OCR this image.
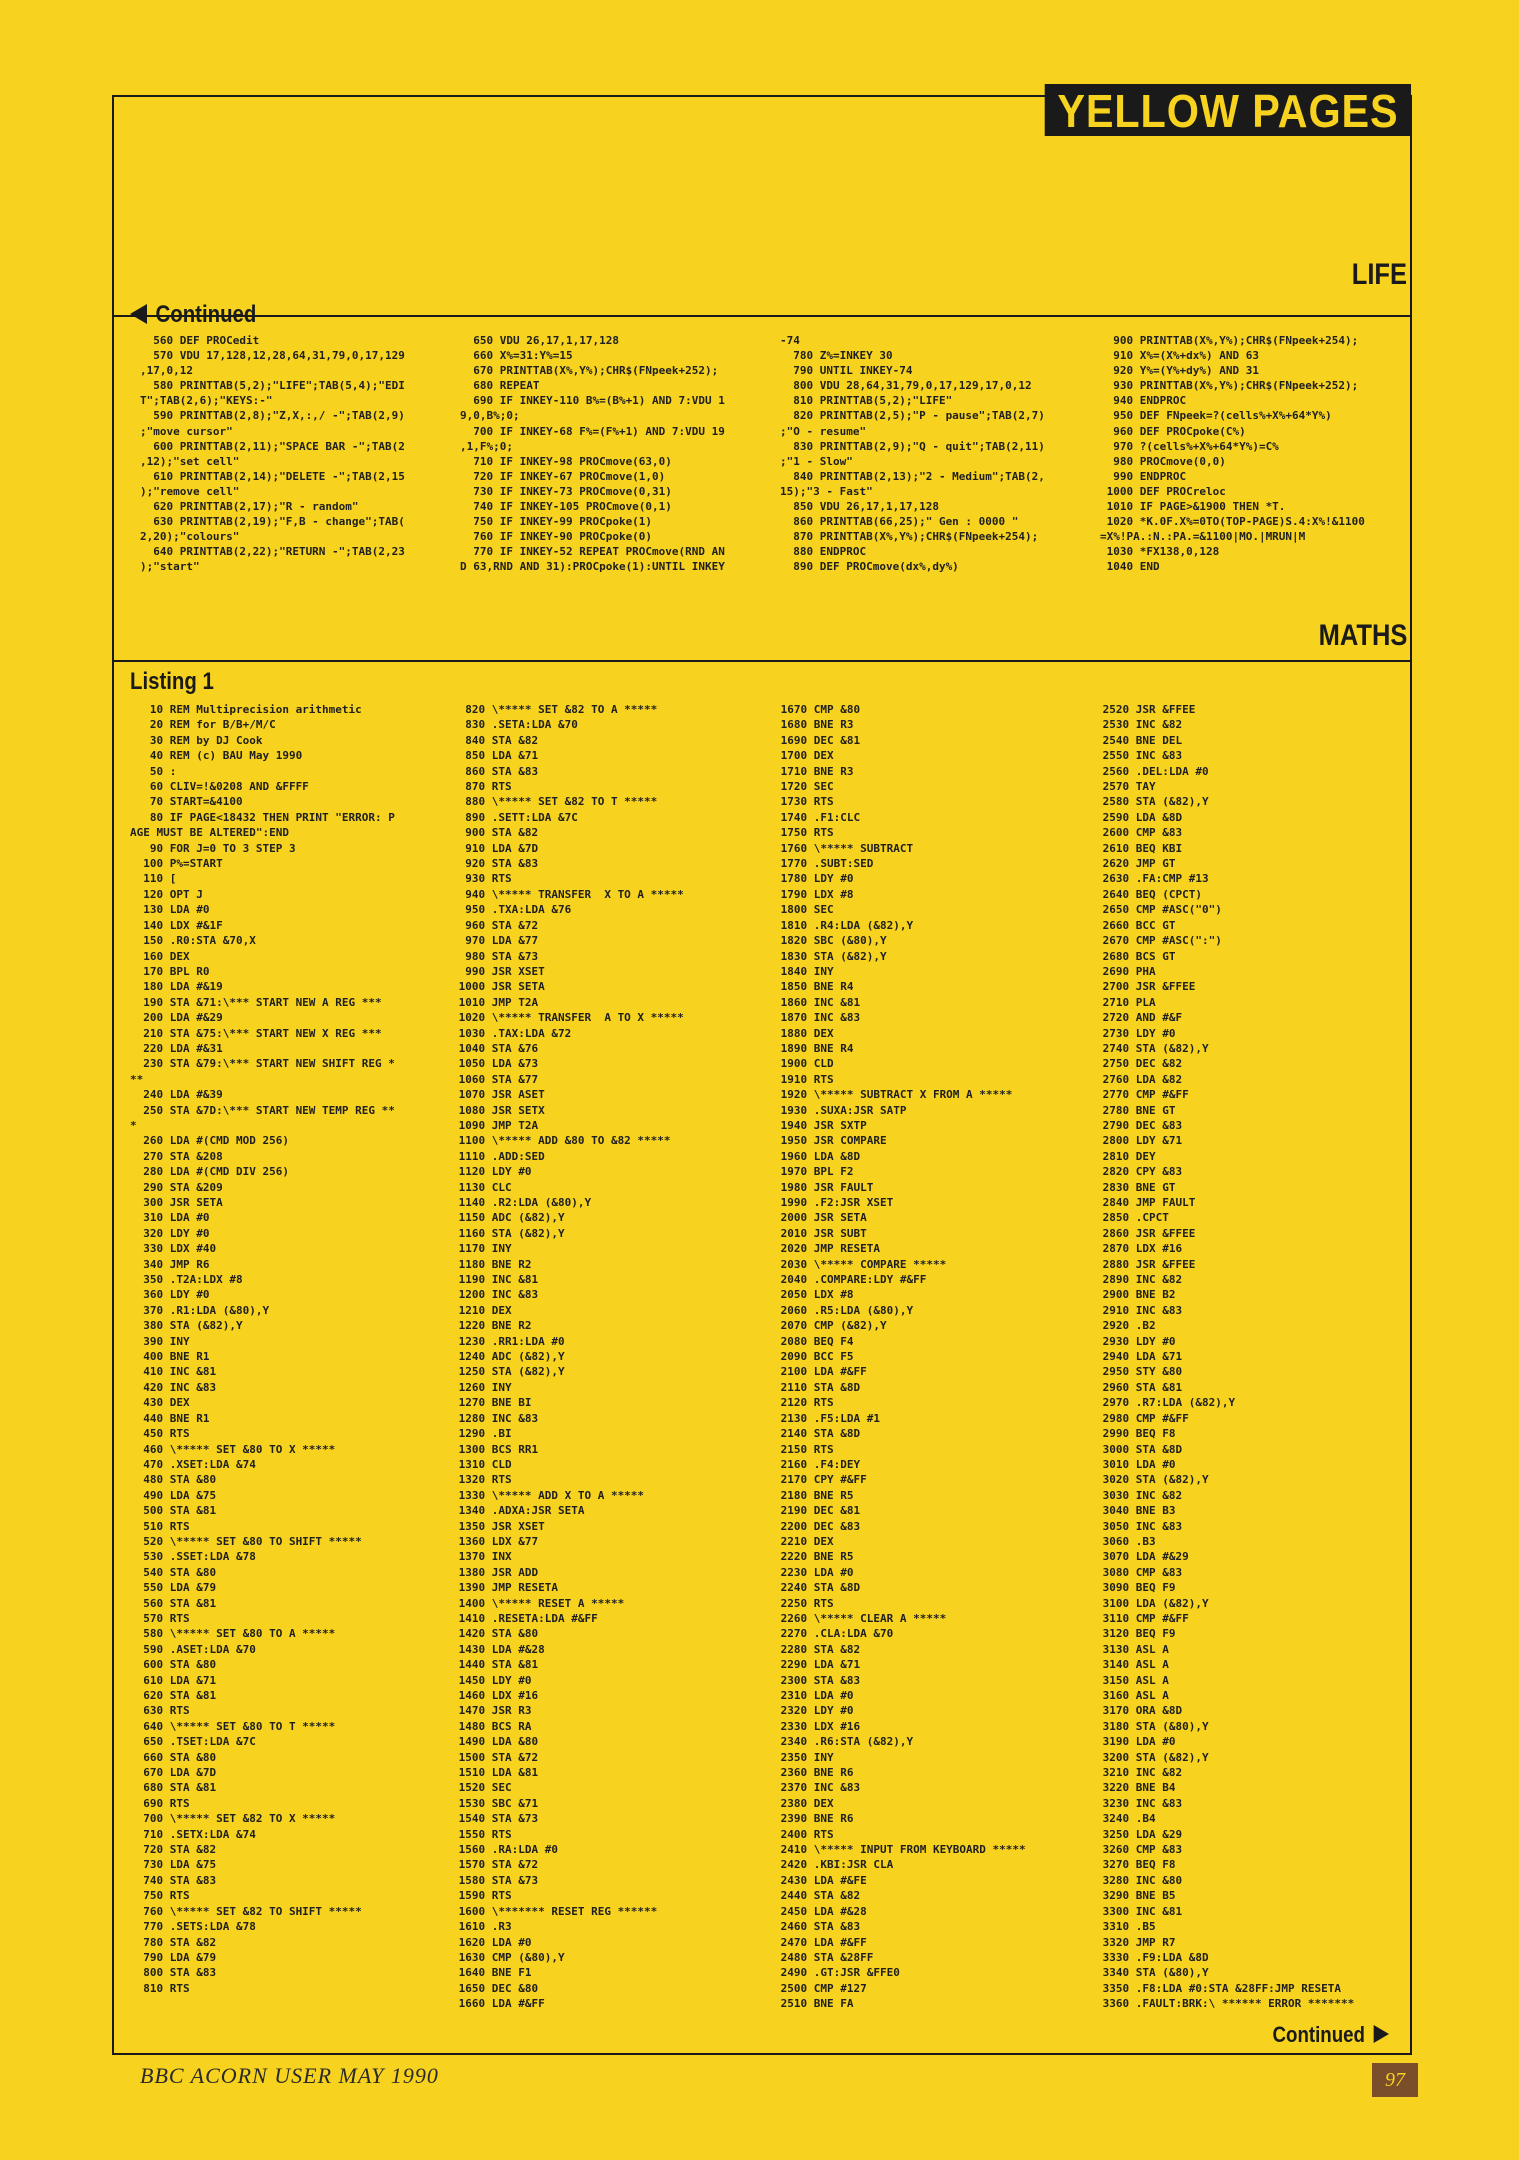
YELLOW PAGES
LIFE
MATHS
Continued
560 DEF PROCedit
570 VDU 17,128,12,28,64,31,79,0,17,129
,17,0,12
580 PRINTTAB(5,2);"LIFE";TAB(5,4);"EDI
T";TAB(2,6);"KEYS:-"
590 PRINTTAB(2,8);"Z,X,:,/ -";TAB(2,9)
;"move cursor"
600 PRINTTAB(2,11);"SPACE BAR -";TAB(2
,12);"set cell"
610 PRINTTAB(2,14);"DELETE -";TAB(2,15
);"remove cell"
620 PRINTTAB(2,17);"R - random"
630 PRINTTAB(2,19);"F,B - change";TAB(
2,20);"colours"
640 PRINTTAB(2,22);"RETURN -";TAB(2,23
);"start"
650 VDU 26,17,1,17,128
660 X%=31:Y%=15
670 PRINTTAB(X%,Y%);CHR$(FNpeek+252);
680 REPEAT
690 IF INKEY-110 B%=(B%+1) AND 7:VDU 1
9,0,B%;0;
700 IF INKEY-68 F%=(F%+1) AND 7:VDU 19
,1,F%;0;
710 IF INKEY-98 PROCmove(63,0)
720 IF INKEY-67 PROCmove(1,0)
730 IF INKEY-73 PROCmove(0,31)
740 IF INKEY-105 PROCmove(0,1)
750 IF INKEY-99 PROCpoke(1)
760 IF INKEY-90 PROCpoke(0)
770 IF INKEY-52 REPEAT PROCmove(RND AN
D 63,RND AND 31):PROCpoke(1):UNTIL INKEY
-74
780 Z%=INKEY 30
790 UNTIL INKEY-74
800 VDU 28,64,31,79,0,17,129,17,0,12
810 PRINTTAB(5,2);"LIFE"
820 PRINTTAB(2,5);"P - pause";TAB(2,7)
;"O - resume"
830 PRINTTAB(2,9);"Q - quit";TAB(2,11)
;"1 - Slow"
840 PRINTTAB(2,13);"2 - Medium";TAB(2,
15);"3 - Fast"
850 VDU 26,17,1,17,128
860 PRINTTAB(66,25);" Gen : 0000 "
870 PRINTTAB(X%,Y%);CHR$(FNpeek+254);
880 ENDPROC
890 DEF PROCmove(dx%,dy%)
900 PRINTTAB(X%,Y%);CHR$(FNpeek+254);
910 X%=(X%+dx%) AND 63
920 Y%=(Y%+dy%) AND 31
930 PRINTTAB(X%,Y%);CHR$(FNpeek+252);
940 ENDPROC
950 DEF FNpeek=?(cells%+X%+64*Y%)
960 DEF PROCpoke(C%)
970 ?(cells%+X%+64*Y%)=C%
980 PROCmove(0,0)
990 ENDPROC
1000 DEF PROCreloc
1010 IF PAGE>&1900 THEN *T.
1020 *K.0F.X%=0TO(TOP-PAGE)S.4:X%!&1100
=X%!PA.:N.:PA.=&1100|MO.|MRUN|M
1030 *FX138,0,128
1040 END
Listing 1
10 REM Multiprecision arithmetic
20 REM for B/B+/M/C
30 REM by DJ Cook
40 REM (c) BAU May 1990
50 :
60 CLIV=!&0208 AND &FFFF
70 START=&4100
80 IF PAGE<18432 THEN PRINT "ERROR: P
AGE MUST BE ALTERED":END
90 FOR J=0 TO 3 STEP 3
100 P%=START
110 [
120 OPT J
130 LDA #0
140 LDX #&1F
150 .R0:STA &70,X
160 DEX
170 BPL R0
180 LDA #&19
190 STA &71:\*** START NEW A REG ***
200 LDA #&29
210 STA &75:\*** START NEW X REG ***
220 LDA #&31
230 STA &79:\*** START NEW SHIFT REG *
**
240 LDA #&39
250 STA &7D:\*** START NEW TEMP REG **
*
260 LDA #(CMD MOD 256)
270 STA &208
280 LDA #(CMD DIV 256)
290 STA &209
300 JSR SETA
310 LDA #0
320 LDY #0
330 LDX #40
340 JMP R6
350 .T2A:LDX #8
360 LDY #0
370 .R1:LDA (&80),Y
380 STA (&82),Y
390 INY
400 BNE R1
410 INC &81
420 INC &83
430 DEX
440 BNE R1
450 RTS
460 \***** SET &80 TO X *****
470 .XSET:LDA &74
480 STA &80
490 LDA &75
500 STA &81
510 RTS
520 \***** SET &80 TO SHIFT *****
530 .SSET:LDA &78
540 STA &80
550 LDA &79
560 STA &81
570 RTS
580 \***** SET &80 TO A *****
590 .ASET:LDA &70
600 STA &80
610 LDA &71
620 STA &81
630 RTS
640 \***** SET &80 TO T *****
650 .TSET:LDA &7C
660 STA &80
670 LDA &7D
680 STA &81
690 RTS
700 \***** SET &82 TO X *****
710 .SETX:LDA &74
720 STA &82
730 LDA &75
740 STA &83
750 RTS
760 \***** SET &82 TO SHIFT *****
770 .SETS:LDA &78
780 STA &82
790 LDA &79
800 STA &83
810 RTS
820 \***** SET &82 TO A *****
830 .SETA:LDA &70
840 STA &82
850 LDA &71
860 STA &83
870 RTS
880 \***** SET &82 TO T *****
890 .SETT:LDA &7C
900 STA &82
910 LDA &7D
920 STA &83
930 RTS
940 \***** TRANSFER  X TO A *****
950 .TXA:LDA &76
960 STA &72
970 LDA &77
980 STA &73
990 JSR XSET
1000 JSR SETA
1010 JMP T2A
1020 \***** TRANSFER  A TO X *****
1030 .TAX:LDA &72
1040 STA &76
1050 LDA &73
1060 STA &77
1070 JSR ASET
1080 JSR SETX
1090 JMP T2A
1100 \***** ADD &80 TO &82 *****
1110 .ADD:SED
1120 LDY #0
1130 CLC
1140 .R2:LDA (&80),Y
1150 ADC (&82),Y
1160 STA (&82),Y
1170 INY
1180 BNE R2
1190 INC &81
1200 INC &83
1210 DEX
1220 BNE R2
1230 .RR1:LDA #0
1240 ADC (&82),Y
1250 STA (&82),Y
1260 INY
1270 BNE BI
1280 INC &83
1290 .BI
1300 BCS RR1
1310 CLD
1320 RTS
1330 \***** ADD X TO A *****
1340 .ADXA:JSR SETA
1350 JSR XSET
1360 LDX &77
1370 INX
1380 JSR ADD
1390 JMP RESETA
1400 \***** RESET A *****
1410 .RESETA:LDA #&FF
1420 STA &80
1430 LDA #&28
1440 STA &81
1450 LDY #0
1460 LDX #16
1470 JSR R3
1480 BCS RA
1490 LDA &80
1500 STA &72
1510 LDA &81
1520 SEC
1530 SBC &71
1540 STA &73
1550 RTS
1560 .RA:LDA #0
1570 STA &72
1580 STA &73
1590 RTS
1600 \******* RESET REG ******
1610 .R3
1620 LDA #0
1630 CMP (&80),Y
1640 BNE F1
1650 DEC &80
1660 LDA #&FF
1670 CMP &80
1680 BNE R3
1690 DEC &81
1700 DEX
1710 BNE R3
1720 SEC
1730 RTS
1740 .F1:CLC
1750 RTS
1760 \***** SUBTRACT
1770 .SUBT:SED
1780 LDY #0
1790 LDX #8
1800 SEC
1810 .R4:LDA (&82),Y
1820 SBC (&80),Y
1830 STA (&82),Y
1840 INY
1850 BNE R4
1860 INC &81
1870 INC &83
1880 DEX
1890 BNE R4
1900 CLD
1910 RTS
1920 \***** SUBTRACT X FROM A *****
1930 .SUXA:JSR SATP
1940 JSR SXTP
1950 JSR COMPARE
1960 LDA &8D
1970 BPL F2
1980 JSR FAULT
1990 .F2:JSR XSET
2000 JSR SETA
2010 JSR SUBT
2020 JMP RESETA
2030 \***** COMPARE *****
2040 .COMPARE:LDY #&FF
2050 LDX #8
2060 .R5:LDA (&80),Y
2070 CMP (&82),Y
2080 BEQ F4
2090 BCC F5
2100 LDA #&FF
2110 STA &8D
2120 RTS
2130 .F5:LDA #1
2140 STA &8D
2150 RTS
2160 .F4:DEY
2170 CPY #&FF
2180 BNE R5
2190 DEC &81
2200 DEC &83
2210 DEX
2220 BNE R5
2230 LDA #0
2240 STA &8D
2250 RTS
2260 \***** CLEAR A *****
2270 .CLA:LDA &70
2280 STA &82
2290 LDA &71
2300 STA &83
2310 LDA #0
2320 LDY #0
2330 LDX #16
2340 .R6:STA (&82),Y
2350 INY
2360 BNE R6
2370 INC &83
2380 DEX
2390 BNE R6
2400 RTS
2410 \***** INPUT FROM KEYBOARD *****
2420 .KBI:JSR CLA
2430 LDA #&FE
2440 STA &82
2450 LDA #&28
2460 STA &83
2470 LDA #&FF
2480 STA &28FF
2490 .GT:JSR &FFE0
2500 CMP #127
2510 BNE FA
2520 JSR &FFEE
2530 INC &82
2540 BNE DEL
2550 INC &83
2560 .DEL:LDA #0
2570 TAY
2580 STA (&82),Y
2590 LDA &8D
2600 CMP &83
2610 BEQ KBI
2620 JMP GT
2630 .FA:CMP #13
2640 BEQ (CPCT)
2650 CMP #ASC("0")
2660 BCC GT
2670 CMP #ASC(":")
2680 BCS GT
2690 PHA
2700 JSR &FFEE
2710 PLA
2720 AND #&F
2730 LDY #0
2740 STA (&82),Y
2750 DEC &82
2760 LDA &82
2770 CMP #&FF
2780 BNE GT
2790 DEC &83
2800 LDY &71
2810 DEY
2820 CPY &83
2830 BNE GT
2840 JMP FAULT
2850 .CPCT
2860 JSR &FFEE
2870 LDX #16
2880 JSR &FFEE
2890 INC &82
2900 BNE B2
2910 INC &83
2920 .B2
2930 LDY #0
2940 LDA &71
2950 STY &80
2960 STA &81
2970 .R7:LDA (&82),Y
2980 CMP #&FF
2990 BEQ F8
3000 STA &8D
3010 LDA #0
3020 STA (&82),Y
3030 INC &82
3040 BNE B3
3050 INC &83
3060 .B3
3070 LDA #&29
3080 CMP &83
3090 BEQ F9
3100 LDA (&82),Y
3110 CMP #&FF
3120 BEQ F9
3130 ASL A
3140 ASL A
3150 ASL A
3160 ASL A
3170 ORA &8D
3180 STA (&80),Y
3190 LDA #0
3200 STA (&82),Y
3210 INC &82
3220 BNE B4
3230 INC &83
3240 .B4
3250 LDA &29
3260 CMP &83
3270 BEQ F8
3280 INC &80
3290 BNE B5
3300 INC &81
3310 .B5
3320 JMP R7
3330 .F9:LDA &8D
3340 STA (&80),Y
3350 .F8:LDA #0:STA &28FF:JMP RESETA
3360 .FAULT:BRK:\ ****** ERROR *******
Continued
BBC ACORN USER MAY 1990	97
